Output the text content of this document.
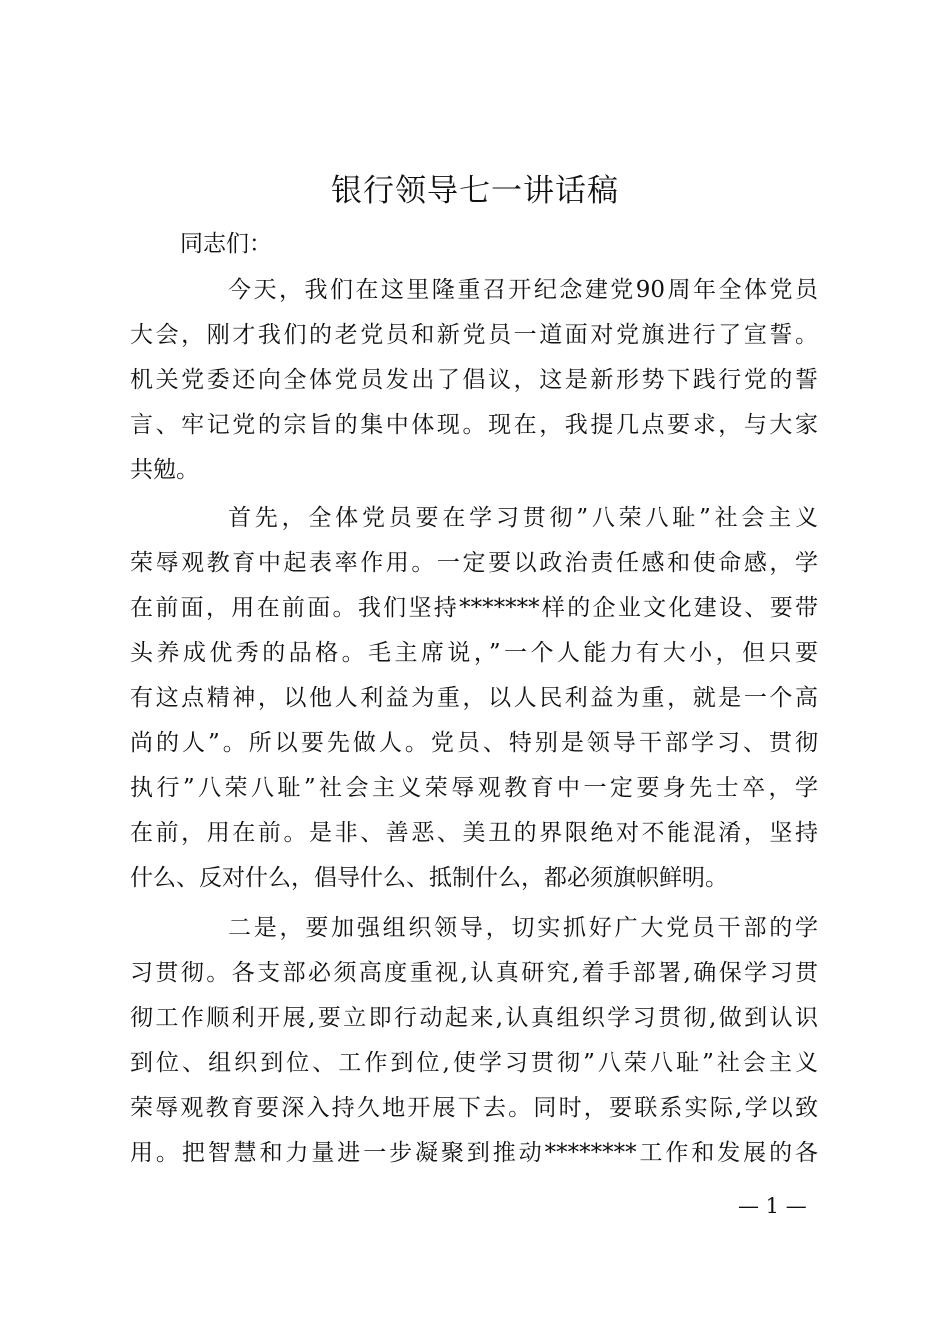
银行领导七一讲话稿
同志们：
今天，我们在这里隆重召开纪念建党90周年全体党员
大会，刚才我们的老党员和新党员一道面对党旗进行了宣誓。
机关党委还向全体党员发出了倡议，这是新形势下践行党的誓
言、牢记党的宗旨的集中体现。现在，我提几点要求，与大家
共勉。
首先，全体党员要在学习贯彻”八荣八耻”社会主义
荣辱观教育中起表率作用。一定要以政治责任感和使命感，学
在前面，用在前面。我们坚持*******样的企业文化建设、要带
头养成优秀的品格。毛主席说，”一个人能力有大小，但只要
有这点精神，以他人利益为重，以人民利益为重，就是一个高
尚的人”。所以要先做人。党员、特别是领导干部学习、贯彻
执行”八荣八耻”社会主义荣辱观教育中一定要身先士卒，学
在前，用在前。是非、善恶、美丑的界限绝对不能混淆，坚持
什么、反对什么，倡导什么、抵制什么，都必须旗帜鲜明。
二是，要加强组织领导，切实抓好广大党员干部的学
习贯彻。各支部必须高度重视,认真研究,着手部署,确保学习贯
彻工作顺利开展,要立即行动起来,认真组织学习贯彻,做到认识
到位、组织到位、工作到位,使学习贯彻”八荣八耻”社会主义
荣辱观教育要深入持久地开展下去。同时，要联系实际,学以致
用。把智慧和力量进一步凝聚到推动********工作和发展的各
— 1 —
